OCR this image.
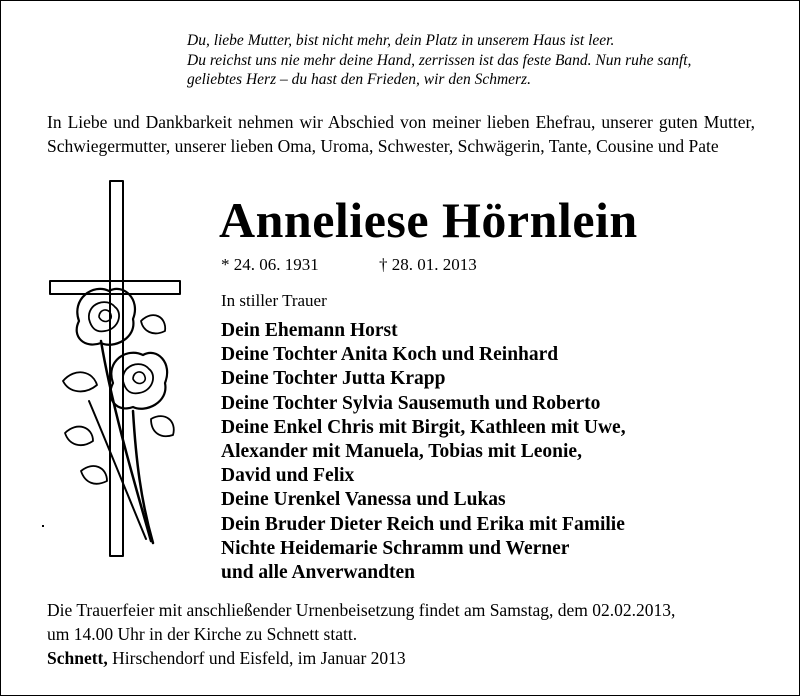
Du, liebe Mutter, bist nicht mehr, dein Platz in unserem Haus ist leer.
Du reichst uns nie mehr deine Hand, zerrissen ist das feste Band. Nun ruhe sanft,
geliebtes Herz – du hast den Frieden, wir den Schmerz.
In Liebe und Dankbarkeit nehmen wir Abschied von meiner lieben Ehefrau, unserer guten Mutter, Schwiegermutter, unserer lieben Oma, Uroma, Schwester, Schwägerin, Tante, Cousine und Pate
Anneliese Hörnlein
* 24. 06. 1931	† 28. 01. 2013
In stiller Trauer
Dein Ehemann Horst
Deine Tochter Anita Koch und Reinhard
Deine Tochter Jutta Krapp
Deine Tochter Sylvia Sausemuth und Roberto
Deine Enkel Chris mit Birgit, Kathleen mit Uwe,
Alexander mit Manuela, Tobias mit Leonie,
David und Felix
Deine Urenkel Vanessa und Lukas
Dein Bruder Dieter Reich und Erika mit Familie
Nichte Heidemarie Schramm und Werner
und alle Anverwandten
Die Trauerfeier mit anschließender Urnenbeisetzung findet am Samstag, dem 02.02.2013,
um 14.00 Uhr in der Kirche zu Schnett statt.
Schnett, Hirschendorf und Eisfeld, im Januar 2013
